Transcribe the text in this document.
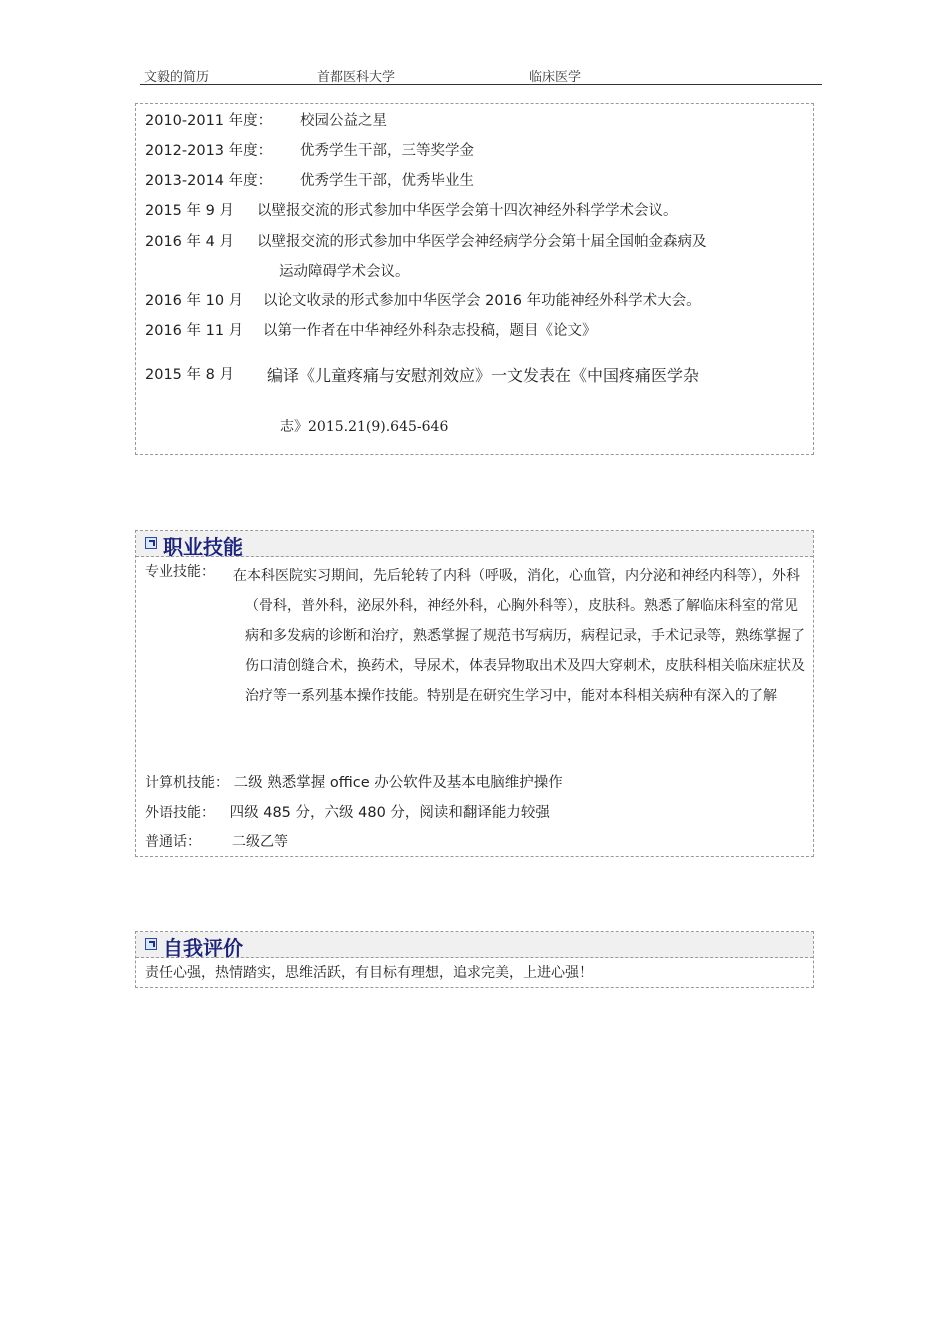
文毅的简历	首都医科大学	临床医学
2010-2011 年度： 校园公益之星
2012-2013 年度： 优秀学生干部，三等奖学金
2013-2014 年度： 优秀学生干部，优秀毕业生
2015 年 9 月 以壁报交流的形式参加中华医学会第十四次神经外科学学术会议。
2016 年 4 月 以壁报交流的形式参加中华医学会神经病学分会第十届全国帕金森病及
运动障碍学术会议。
2016 年 10 月 以论文收录的形式参加中华医学会 2016 年功能神经外科学术大会。
2016 年 11 月 以第一作者在中华神经外科杂志投稿，题目《论文》
2015 年 8 月 编译《儿童疼痛与安慰剂效应》一文发表在《中国疼痛医学杂
志》2015.21(9).645-646
职业技能
专业技能： 在本科医院实习期间，先后轮转了内科（呼吸，消化，心血管，内分泌和神经内科等），外科（骨科，普外科，泌尿外科，神经外科，心胸外科等），皮肤科。熟悉了解临床科室的常见病和多发病的诊断和治疗，熟悉掌握了规范书写病历，病程记录，手术记录等，熟练掌握了伤口清创缝合术，换药术，导尿术，体表异物取出术及四大穿刺术，皮肤科相关临床症状及治疗等一系列基本操作技能。特别是在研究生学习中，能对本科相关病种有深入的了解
计算机技能： 二级 熟悉掌握 office 办公软件及基本电脑维护操作
外语技能： 四级 485 分，六级 480 分，阅读和翻译能力较强
普通话： 二级乙等
自我评价
责任心强，热情踏实，思维活跃，有目标有理想，追求完美，上进心强！
